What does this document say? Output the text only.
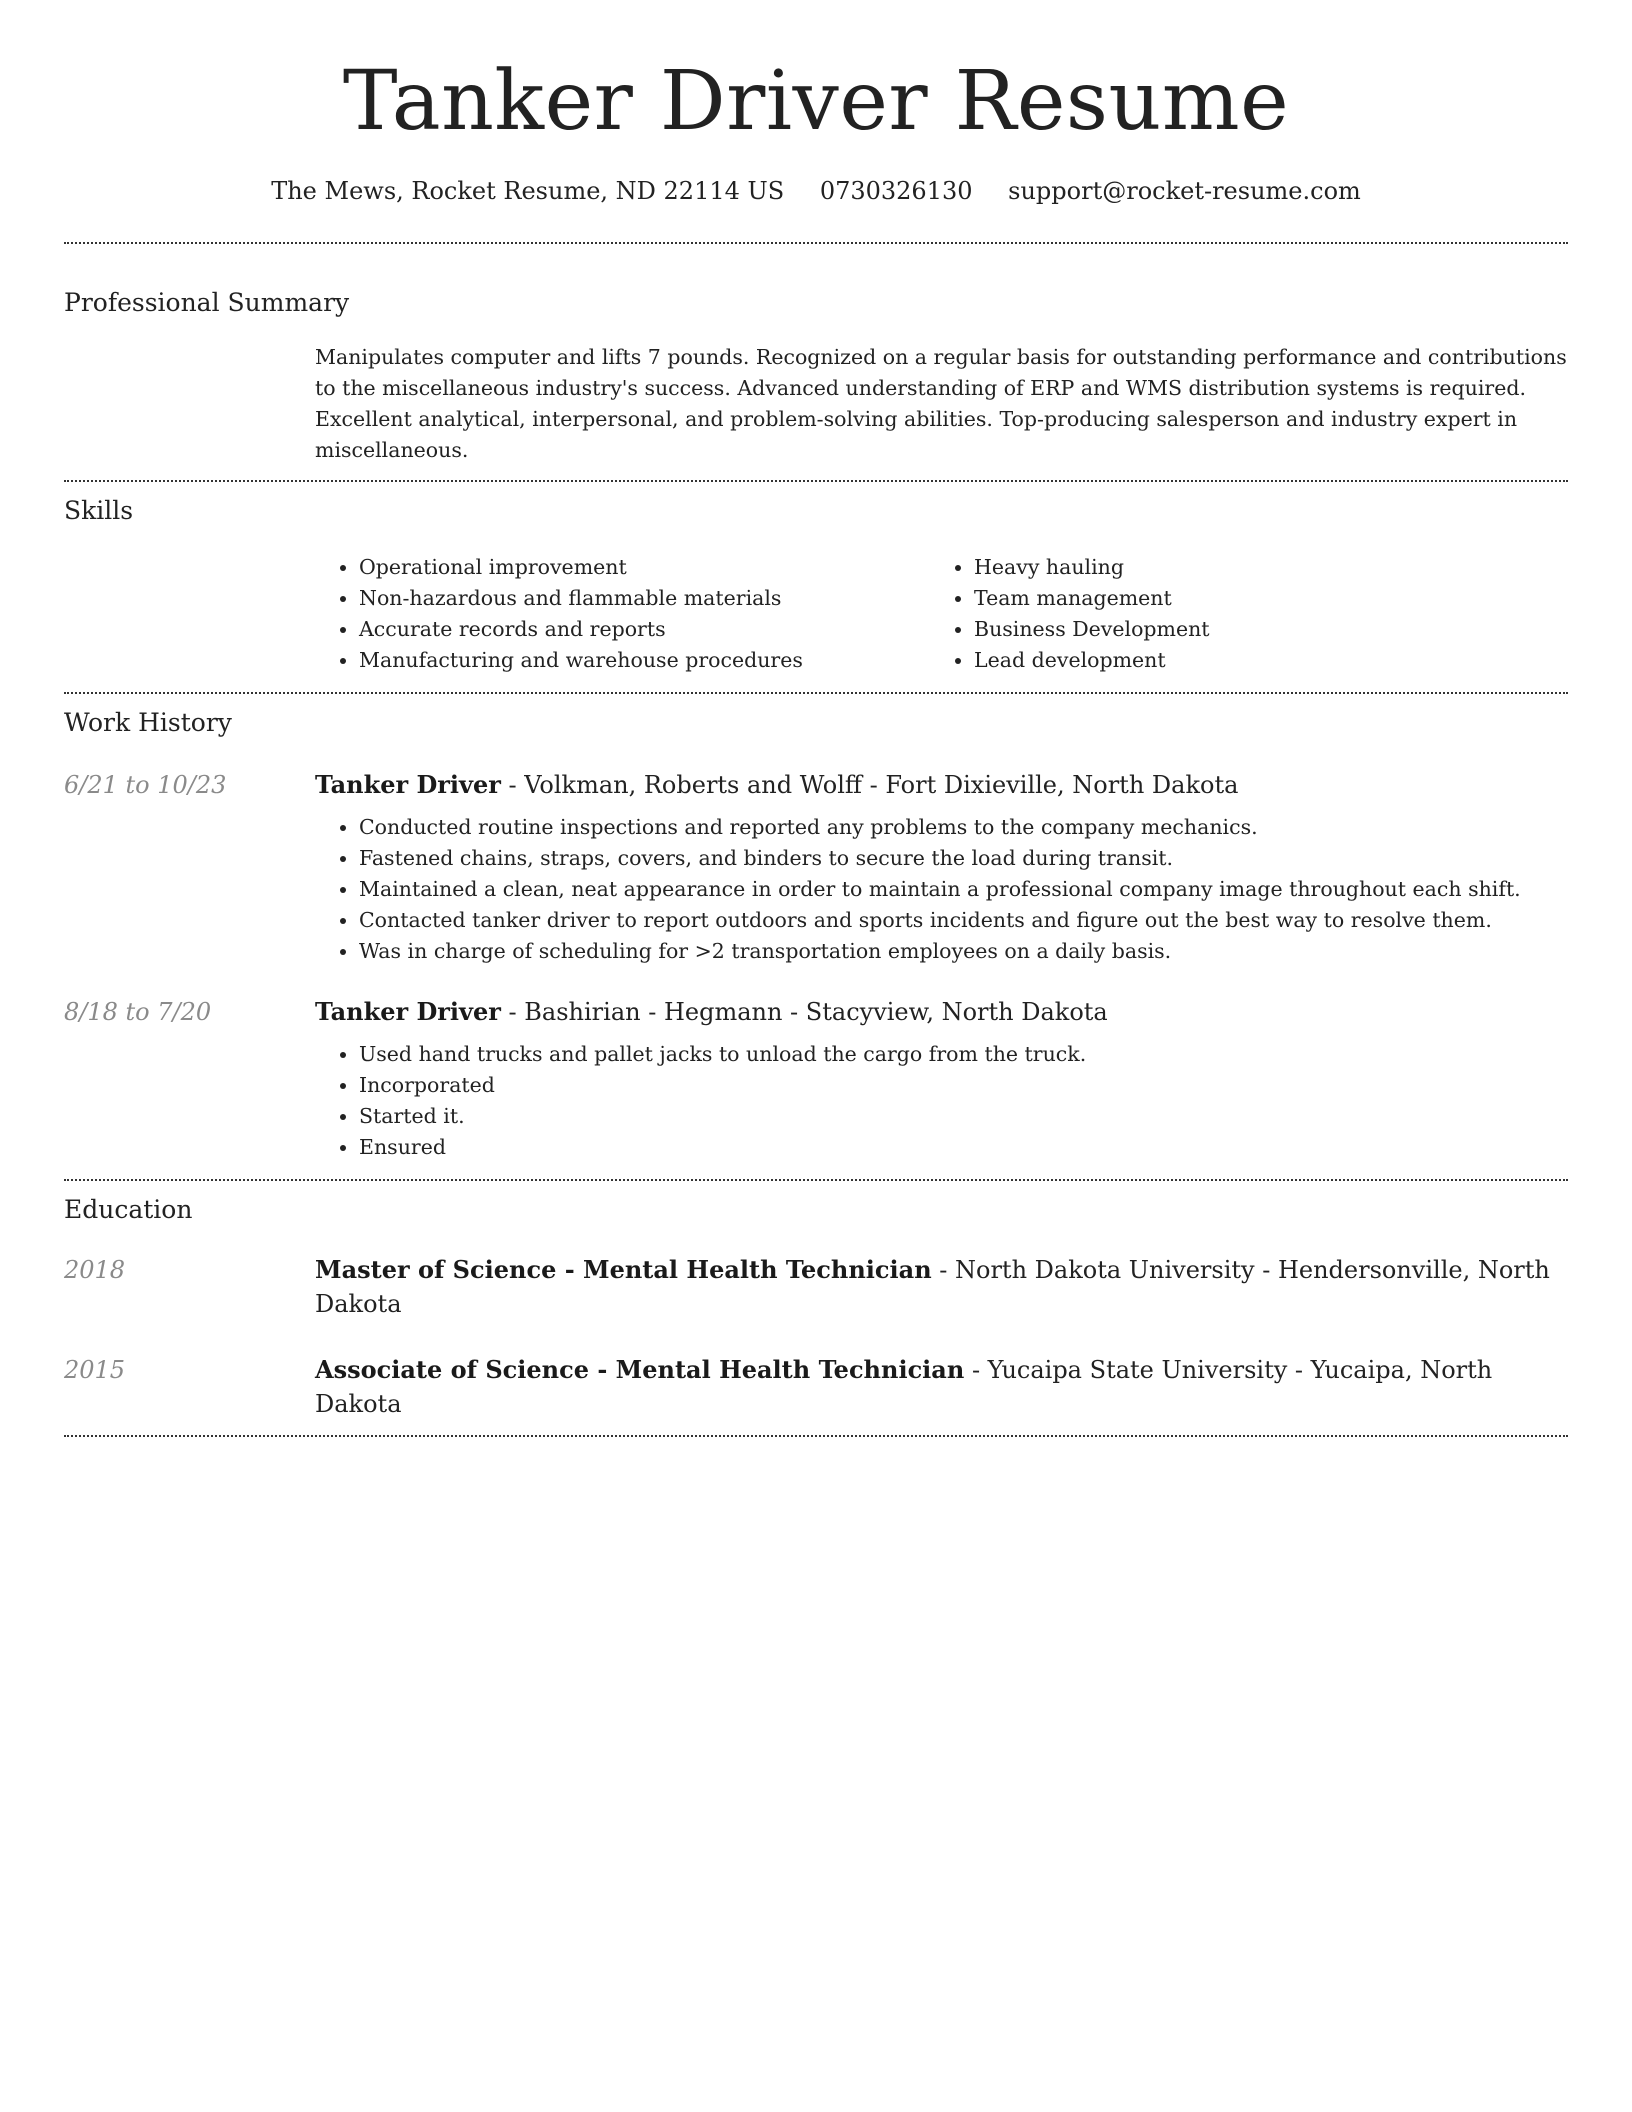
Tanker Driver Resume
The Mews, Rocket Resume, ND 22114 US 0730326130 support@rocket-resume.com
Professional Summary

Manipulates computer and lifts 7 pounds. Recognized on a regular basis for outstanding performance and contributions to the miscellaneous industry's success. Advanced understanding of ERP and WMS distribution systems is required. Excellent analytical, interpersonal, and problem-solving abilities. Top-producing salesperson and industry expert in miscellaneous.

Skills
• Operational improvement
• Non-hazardous and flammable materials
• Accurate records and reports
• Manufacturing and warehouse procedures
• Heavy hauling
• Team management
• Business Development
• Lead development
Work History
6/21 to 10/23	Tanker Driver - Volkman, Roberts and Wolff - Fort Dixieville, North Dakota
• Conducted routine inspections and reported any problems to the company mechanics.
• Fastened chains, straps, covers, and binders to secure the load during transit.
• Maintained a clean, neat appearance in order to maintain a professional company image throughout each shift.
• Contacted tanker driver to report outdoors and sports incidents and figure out the best way to resolve them.
• Was in charge of scheduling for >2 transportation employees on a daily basis.
8/18 to 7/20	Tanker Driver - Bashirian - Hegmann - Stacyview, North Dakota
• Used hand trucks and pallet jacks to unload the cargo from the truck.
• Incorporated
• Started it.
• Ensured
Education
2018	Master of Science - Mental Health Technician - North Dakota University - Hendersonville, North Dakota
2015	Associate of Science - Mental Health Technician - Yucaipa State University - Yucaipa, North Dakota
